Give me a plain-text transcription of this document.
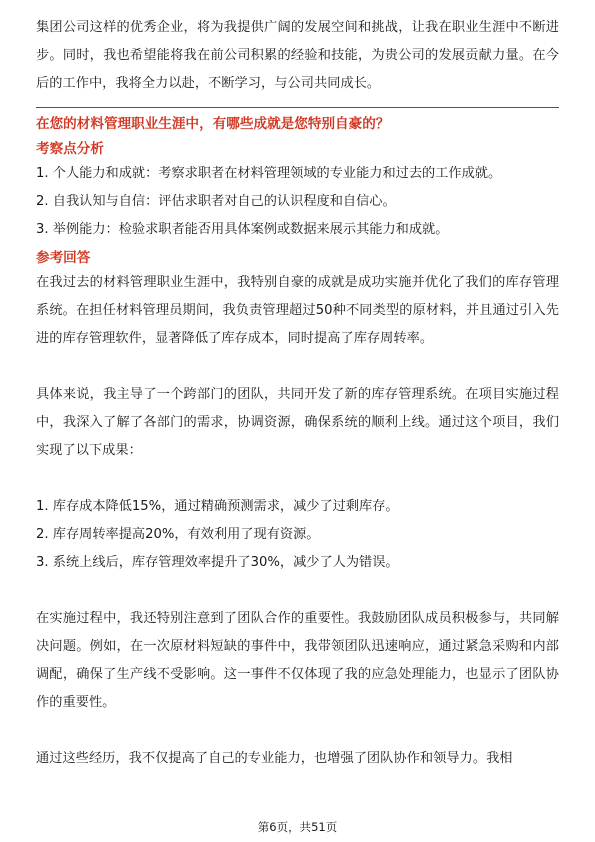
集团公司这样的优秀企业，将为我提供广阔的发展空间和挑战，让我在职业生涯中不断进步。同时，我也希望能将我在前公司积累的经验和技能，为贵公司的发展贡献力量。在今后的工作中，我将全力以赴，不断学习，与公司共同成长。

在您的材料管理职业生涯中，有哪些成就是您特别自豪的？
考察点分析

1. 个人能力和成就：考察求职者在材料管理领域的专业能力和过去的工作成就。

2. 自我认知与自信：评估求职者对自己的认识程度和自信心。

3. 举例能力：检验求职者能否用具体案例或数据来展示其能力和成就。

参考回答

在我过去的材料管理职业生涯中，我特别自豪的成就是成功实施并优化了我们的库存管理系统。在担任材料管理员期间，我负责管理超过50种不同类型的原材料，并且通过引入先进的库存管理软件，显著降低了库存成本，同时提高了库存周转率。

具体来说，我主导了一个跨部门的团队，共同开发了新的库存管理系统。在项目实施过程中，我深入了解了各部门的需求，协调资源，确保系统的顺利上线。通过这个项目，我们实现了以下成果：

1. 库存成本降低15%，通过精确预测需求，减少了过剩库存。

2. 库存周转率提高20%，有效利用了现有资源。

3. 系统上线后，库存管理效率提升了30%，减少了人为错误。

在实施过程中，我还特别注意到了团队合作的重要性。我鼓励团队成员积极参与，共同解决问题。例如，在一次原材料短缺的事件中，我带领团队迅速响应，通过紧急采购和内部调配，确保了生产线不受影响。这一事件不仅体现了我的应急处理能力，也显示了团队协作的重要性。

通过这些经历，我不仅提高了自己的专业能力，也增强了团队协作和领导力。我相

第6页，共51页
